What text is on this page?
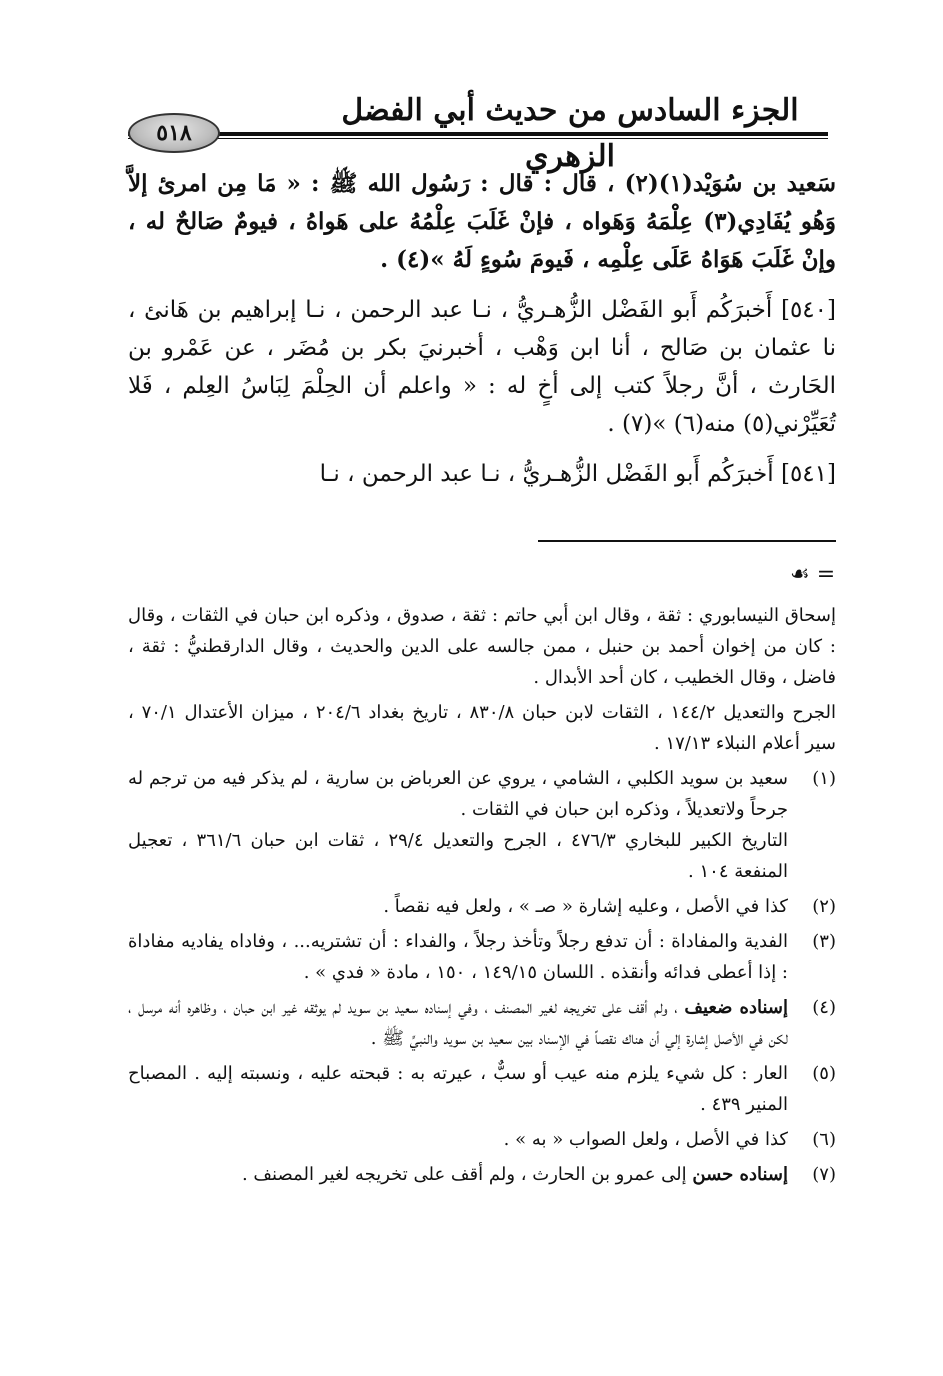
الجزء السادس من حديث أبي الفضل الزهري
٥١٨

سَعيد بن سُوَيْد(١)(٢) ، قال : قال : رَسُول الله ﷺ : « مَا مِن امرئ إلاَّ وَهُو يُفَادِي(٣) عِلْمَهُ وَهَواه ، فإنْ غَلَبَ عِلْمُهُ على هَواهُ ، فيومٌ صَالحٌ له ، وإنْ غَلَبَ هَوَاهُ عَلَى عِلْمِه ، فَيومَ سُوءٍ لَهُ »(٤) .

[٥٤٠] أَخبرَكُم أَبو الفَضْل الزُّهـريُّ ، نـا عبد الرحمن ، نـا إبراهيم بن هَانئ ، نا عثمان بن صَالح ، أنا ابن وَهْب ، أخبرنيَ بكر بن مُضَر ، عن عَمْرو بن الحَارث ، أنَّ رجلاً كتب إلى أخٍ له : « واعلم أن الحِلْمَ لِبَاسُ العِلم ، فَلا تُعَيِّرْني(٥) منه(٦) »(٧) .

[٥٤١] أَخبرَكُم أَبو الفَضْل الزُّهـريُّ ، نـا عبد الرحمن ، نـا

= ☙

إسحاق النيسابوري : ثقة ، وقال ابن أبي حاتم : ثقة ، صدوق ، وذكره ابن حبان في الثقات ، وقال : كان من إخوان أحمد بن حنبل ، ممن جالسه على الدين والحديث ، وقال الدارقطنيُّ : ثقة ، فاضل ، وقال الخطيب ، كان أحد الأبدال .

الجرح والتعديل ١٤٤/٢ ، الثقات لابن حبان ٨٣٠/٨ ، تاريخ بغداد ٢٠٤/٦ ، ميزان الأعتدال ٧٠/١ ، سير أعلام النبلاء ١٧/١٣ .

(١)
سعيد بن سويد الكلبي ، الشامي ، يروي عن العرباض بن سارية ، لم يذكر فيه من ترجم له جرحاً ولاتعديلاً ، وذكره ابن حبان في الثقات .
التاريخ الكبير للبخاري ٤٧٦/٣ ، الجرح والتعديل ٢٩/٤ ، ثقات ابن حبان ٣٦١/٦ ، تعجيل المنفعة ١٠٤ .
(٢)
كذا في الأصل ، وعليه إشارة « صـ » ، ولعل فيه نقصاً .
(٣)
الفدية والمفاداة : أن تدفع رجلاً وتأخذ رجلاً ، والفداء : أن تشتريه... ، وفاداه يفاديه مفاداة : إذا أعطى فدائه وأنقذه . اللسان ١٤٩/١٥ ، ١٥٠ ، مادة « فدي » .
(٤)
إسناده ضعيف ، ولم أقف على تخريجه لغير المصنف ، وفي إسناده سعيد بن سويد لم يوثقه غير ابن حبان ، وظاهره أنه مرسل ، لكن في الأصل إشارة إلي أن هناك نقصاً في الإسناد بين سعيد بن سويد والنبيِّ ﷺ .
(٥)
العار : كل شيء يلزم منه عيب أو سبٌّ ، عيرته به : قبحته عليه ، ونسبته إليه . المصباح المنير ٤٣٩ .
(٦)
كذا في الأصل ، ولعل الصواب « به » .
(٧)
إسناده حسن إلى عمرو بن الحارث ، ولم أقف على تخريجه لغير المصنف .
